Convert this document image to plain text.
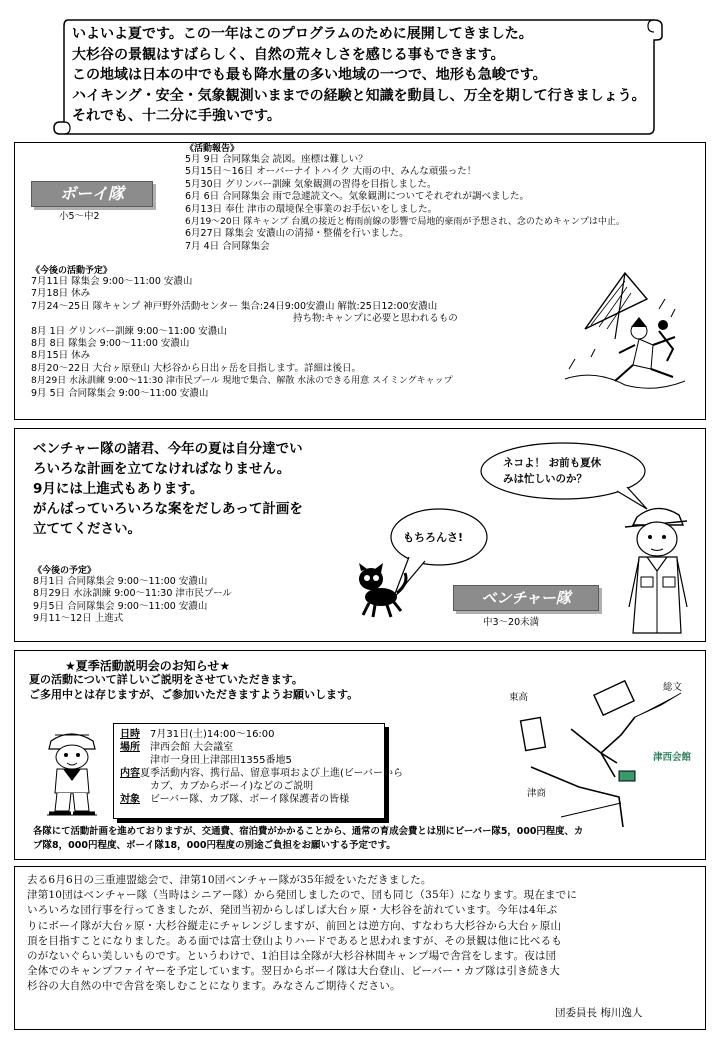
いよいよ夏です。この一年はこのプログラムのために展開してきました。
大杉谷の景観はすばらしく、自然の荒々しさを感じる事もできます。
この地域は日本の中でも最も降水量の多い地域の一つで、地形も急峻です。
ハイキング・安全・気象観測いままでの経験と知識を動員し、万全を期して行きましょう。
それでも、十二分に手強いです。
ボーイ隊
小5〜中2
《活動報告》
5月 9日 合同隊集会 読図。座標は難しい？
5月15日〜16日 オーバーナイトハイク 大雨の中、みんな頑張った！
5月30日 グリンバー訓練 気象観測の習得を目指しました。
6月 6日 合同隊集会 雨で急遽読文へ。気象観測についてそれぞれが調べました。
6月13日 奉仕 津市の環境保全事業のお手伝いをしました。
6月19〜20日 隊キャンプ 台風の接近と梅雨前線の影響で局地的豪雨が予想され、念のためキャンプは中止。
6月27日 隊集会 安濃山の清掃・整備を行いました。
7月 4日 合同隊集会
《今後の活動予定》
7月11日 隊集会 9:00〜11:00 安濃山
7月18日 休み
7月24〜25日 隊キャンプ 神戸野外活動センター 集合:24日9:00安濃山 解散:25日12:00安濃山
持ち物:キャンプに必要と思われるもの
8月 1日 グリンバー訓練 9:00〜11:00 安濃山
8月 8日 隊集会 9:00〜11:00 安濃山
8月15日 休み
8月20〜22日 大台ヶ原登山 大杉谷から日出ヶ岳を目指します。詳細は後日。
8月29日 水泳訓練 9:00〜11:30 津市民プール 現地で集合、解散 水泳のできる用意 スイミングキャップ
9月 5日 合同隊集会 9:00〜11:00 安濃山
ベンチャー隊の諸君、今年の夏は自分達でい
ろいろな計画を立てなければなりません。
9月には上進式もあります。
がんばっていろいろな案をだしあって計画を
立ててください。
ネコよ！ お前も夏休
みは忙しいのか？
もちろんさ!
《今後の予定》
8月1日 合同隊集会 9:00〜11:00 安濃山
8月29日 水泳訓練 9:00〜11:30 津市民プール
9月5日 合同隊集会 9:00〜11:00 安濃山
9月11〜12日 上進式
ベンチャー隊
中3〜20未満
★夏季活動説明会のお知らせ★
夏の活動について詳しいご説明をさせていただきます。
ご多用中とは存じますが、ご参加いただきますようお願いします。
日時	7月31日(土)14:00〜16:00
場所	津西会館 大会議室
津市一身田上津部田1355番地5
内容 夏季活動内容、携行品、留意事項および上進(ビーバーから
カブ、カブからボーイ)などのご説明
対象	ビーバー隊、カブ隊、ボーイ隊保護者の皆様
東高
総文
津西会館
津商
各隊にて活動計画を進めておりますが、交通費、宿泊費がかかることから、通常の育成会費とは別にビーバー隊5，000円程度、カ
ブ隊8，000円程度、ボーイ隊18，000円程度の別途ご負担をお願いする予定です。
去る6月6日の三重連盟総会で、津第10団ベンチャー隊が35年綬をいただきました。
津第10団はベンチャー隊（当時はシニアー隊）から発団しましたので、団も同じ（35年）になります。現在までに
いろいろな団行事を行ってきましたが、発団当初からしばしば大台ヶ原・大杉谷を訪れています。今年は4年ぶ
りにボーイ隊が大台ヶ原・大杉谷縦走にチャレンジしますが、前回とは逆方向、すなわち大杉谷から大台ヶ原山
頂を目指すことになりました。ある面では富士登山よりハードであると思われますが、その景観は他に比べるも
のがないぐらい美しいものです。というわけで、1泊目は全隊が大杉谷林間キャンプ場で舎営をします。夜は団
全体でのキャンプファイヤーを予定しています。翌日からボーイ隊は大台登山、ビーバー・カブ隊は引き続き大
杉谷の大自然の中で舎営を楽しむことになります。みなさんご期待ください。
団委員長 梅川逸人
